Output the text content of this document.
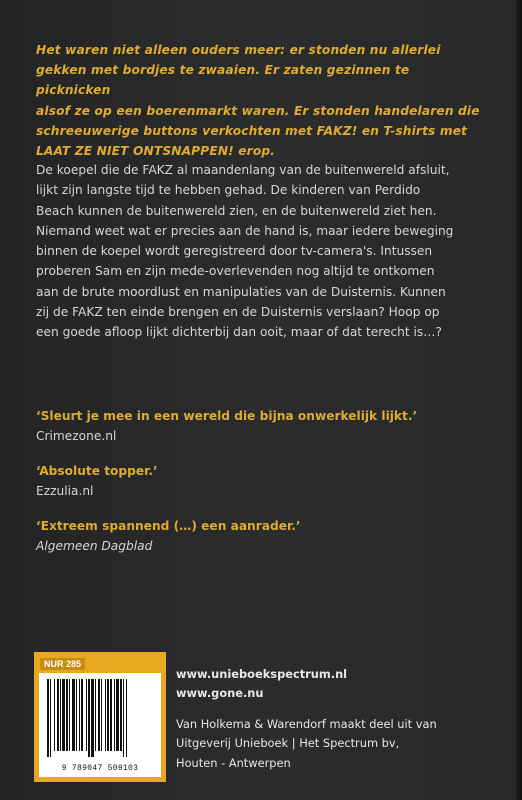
Het waren niet alleen ouders meer: er stonden nu allerlei

gekken met bordjes te zwaaien. Er zaten gezinnen te picknicken

alsof ze op een boerenmarkt waren. Er stonden handelaren die

schreeuwerige buttons verkochten met FAKZ! en T-shirts met

LAAT ZE NIET ONTSNAPPEN! erop.

De koepel die de FAKZ al maandenlang van de buitenwereld afsluit,
lijkt zijn langste tijd te hebben gehad. De kinderen van Perdido
Beach kunnen de buitenwereld zien, en de buitenwereld ziet hen.
Niemand weet wat er precies aan de hand is, maar iedere beweging
binnen de koepel wordt geregistreerd door tv-camera's. Intussen
proberen Sam en zijn mede-overlevenden nog altijd te ontkomen
aan de brute moordlust en manipulaties van de Duisternis. Kunnen
zij de FAKZ ten einde brengen en de Duisternis verslaan? Hoop op
een goede afloop lijkt dichterbij dan ooit, maar of dat terecht is…?
‘Sleurt je mee in een wereld die bijna onwerkelijk lijkt.’
Crimezone.nl
‘Absolute topper.’
Ezzulia.nl
‘Extreem spannend (…) een aanrader.’
Algemeen Dagblad
NUR 285
9 789047 509103
www.unieboekspectrum.nl
www.gone.nu
Van Holkema & Warendorf maakt deel uit van
Uitgeverij Unieboek | Het Spectrum bv,
Houten - Antwerpen
